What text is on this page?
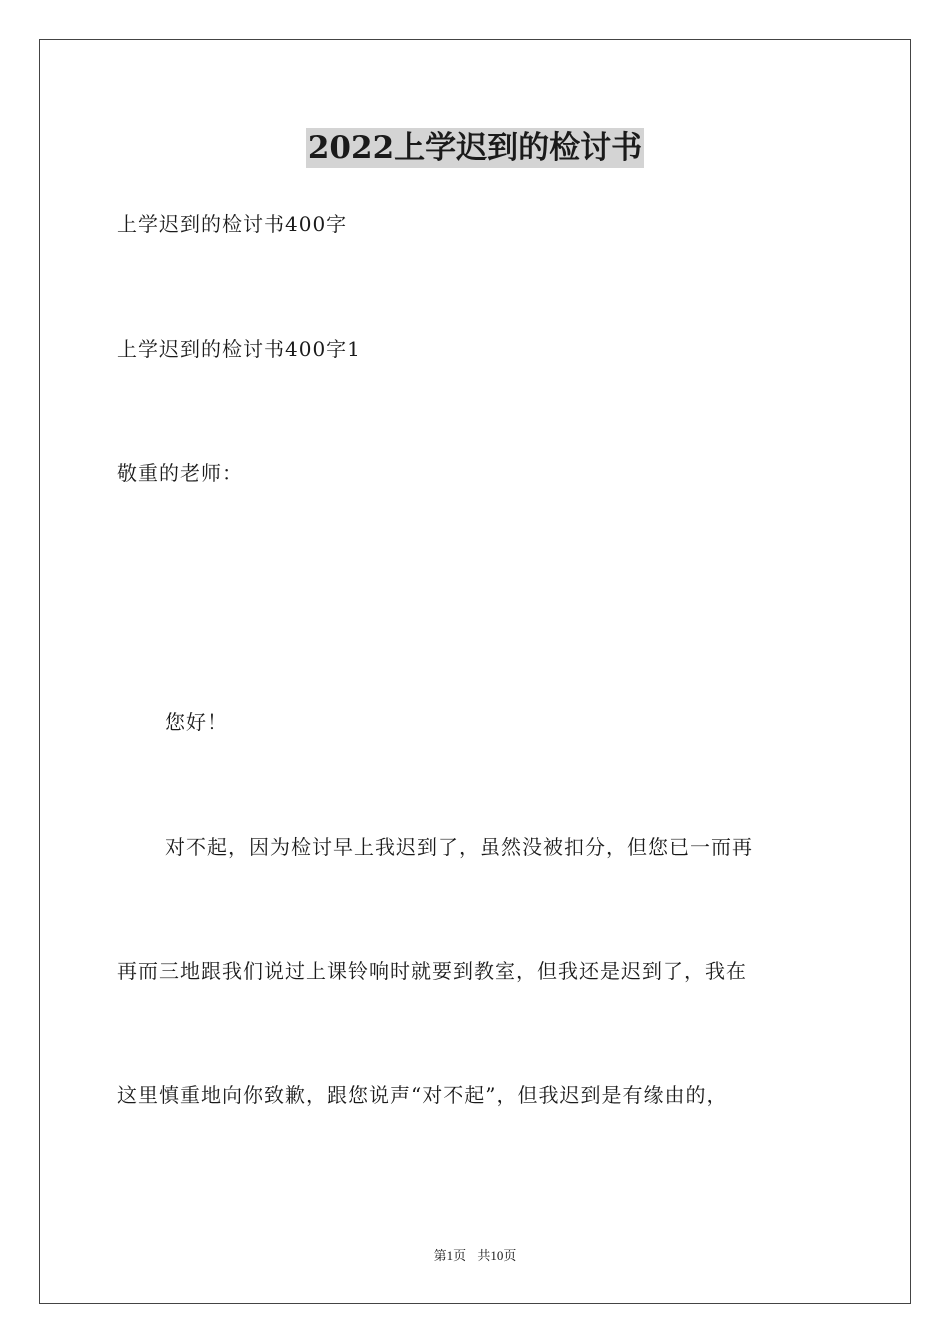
2022上学迟到的检讨书
上学迟到的检讨书400字
上学迟到的检讨书400字1
敬重的老师：
您好！
对不起，因为检讨早上我迟到了，虽然没被扣分，但您已一而再
再而三地跟我们说过上课铃响时就要到教室，但我还是迟到了，我在
这里慎重地向你致歉，跟您说声“对不起”，但我迟到是有缘由的，
第1页 共10页
